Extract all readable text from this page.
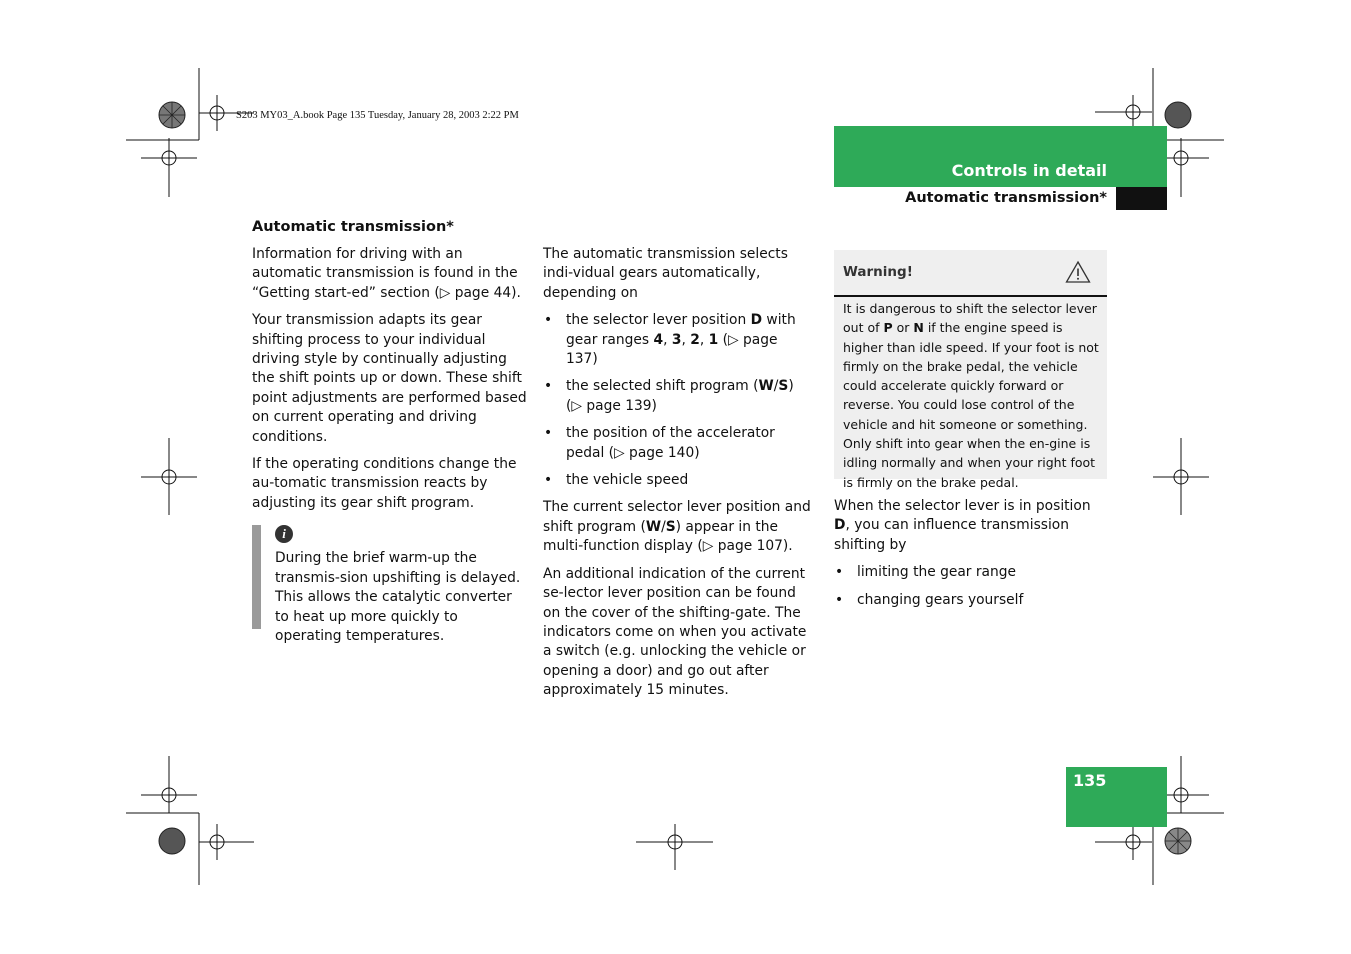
S203 MY03_A.book Page 135 Tuesday, January 28, 2003 2:22 PM
Controls in detail
Automatic transmission*
Automatic transmission*

Information for driving with an automatic transmission is found in the “Getting start-ed” section (▷ page 44).

Your transmission adapts its gear shifting process to your individual driving style by continually adjusting the shift points up or down. These shift point adjustments are performed based on current operating and driving conditions.

If the operating conditions change the au-tomatic transmission reacts by adjusting its gear shift program.

i
During the brief warm-up the transmis-sion upshifting is delayed. This allows the catalytic converter to heat up more quickly to operating temperatures.

The automatic transmission selects indi-vidual gears automatically, depending on

• the selector lever position D with gear ranges 4, 3, 2, 1 (▷ page 137)
• the selected shift program (W/S) (▷ page 139)
• the position of the accelerator pedal (▷ page 140)
• the vehicle speed

The current selector lever position and shift program (W/S) appear in the multi-function display (▷ page 107).

An additional indication of the current se-lector lever position can be found on the cover of the shifting-gate. The indicators come on when you activate a switch (e.g. unlocking the vehicle or opening a door) and go out after approximately 15 minutes.

Warning!
It is dangerous to shift the selector lever out of P or N if the engine speed is higher than idle speed. If your foot is not firmly on the brake pedal, the vehicle could accelerate quickly forward or reverse. You could lose control of the vehicle and hit someone or something. Only shift into gear when the en-gine is idling normally and when your right foot is firmly on the brake pedal.

When the selector lever is in position D, you can influence transmission shifting by

• limiting the gear range
• changing gears yourself
135
